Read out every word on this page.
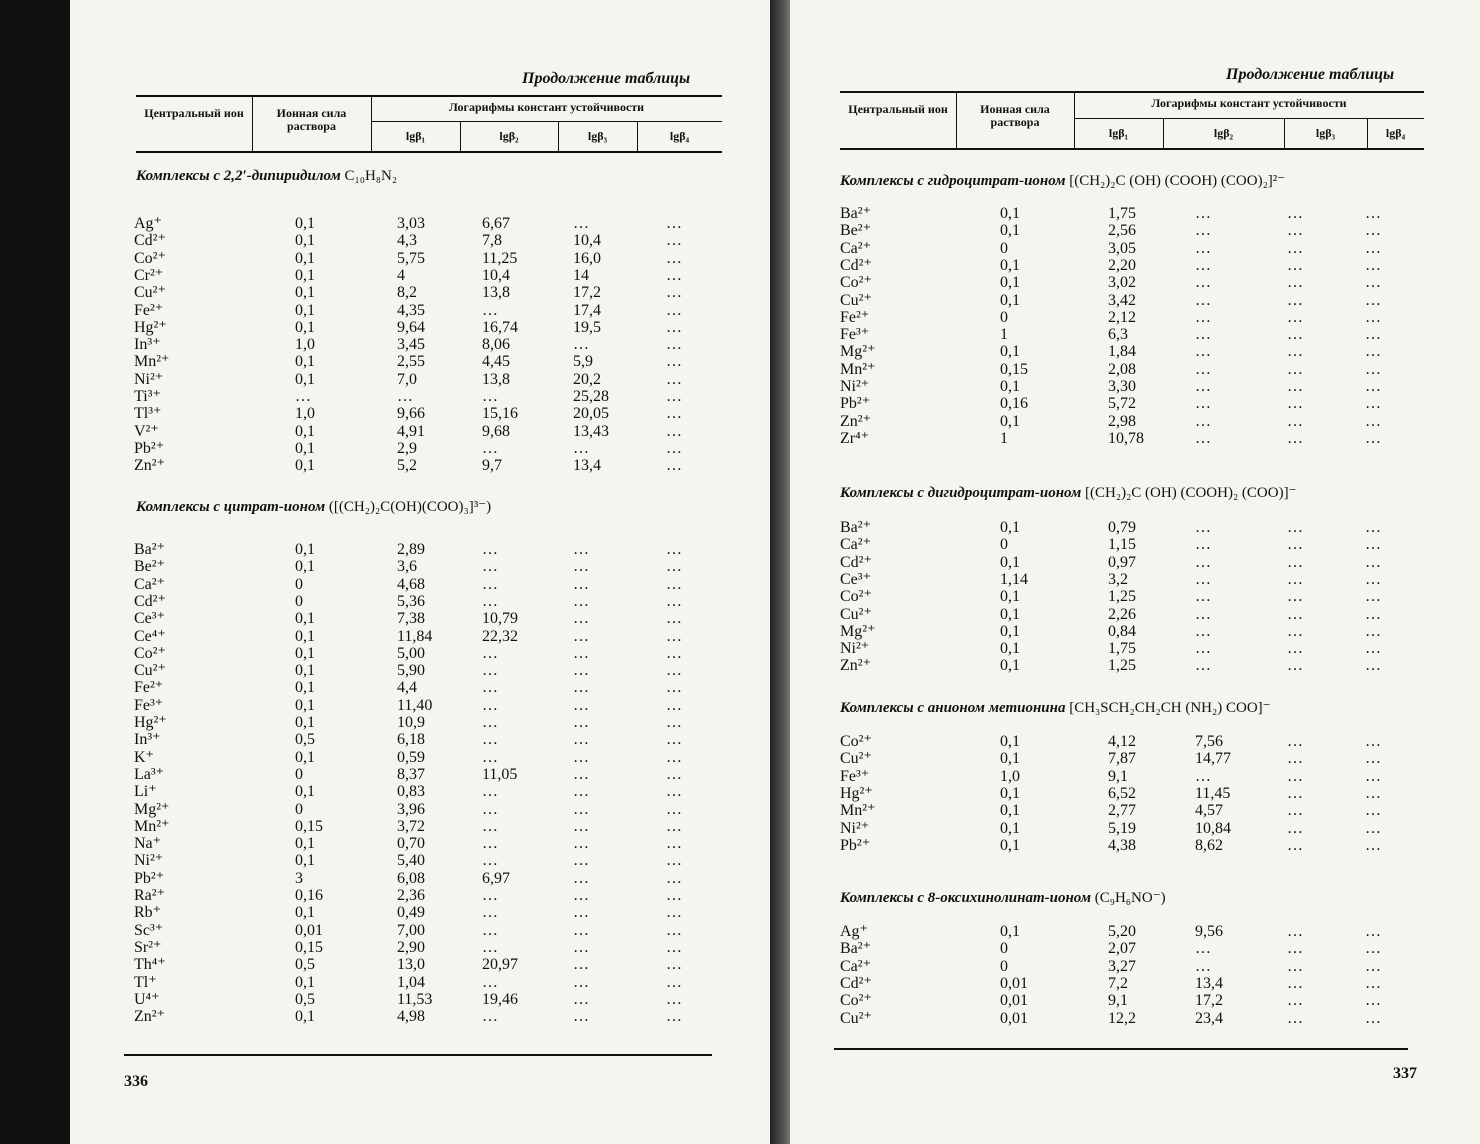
Продолжение таблицы
Центральный ион	Ионная сила раствора
Логарифмы констант устойчивости
lgβ₁	lgβ₂	lgβ₃	lgβ₄
Комплексы с 2,2′-дипиридилом C₁₀H₈N₂
Ag⁺	0,1	3,03	6,67	…	…
Cd²⁺	0,1	4,3	7,8	10,4	…
Co²⁺	0,1	5,75	11,25	16,0	…
Cr²⁺	0,1	4	10,4	14	…
Cu²⁺	0,1	8,2	13,8	17,2	…
Fe²⁺	0,1	4,35	…	17,4	…
Hg²⁺	0,1	9,64	16,74	19,5	…
In³⁺	1,0	3,45	8,06	…	…
Mn²⁺	0,1	2,55	4,45	5,9	…
Ni²⁺	0,1	7,0	13,8	20,2	…
Ti³⁺	…	…	…	25,28	…
Tl³⁺	1,0	9,66	15,16	20,05	…
V²⁺	0,1	4,91	9,68	13,43	…
Pb²⁺	0,1	2,9	…	…	…
Zn²⁺	0,1	5,2	9,7	13,4	…
Комплексы с цитрат-ионом ([(CH₂)₂C(OH)(COO)₃]³⁻)
Ba²⁺	0,1	2,89	…	…	…
Be²⁺	0,1	3,6	…	…	…
Ca²⁺	0	4,68	…	…	…
Cd²⁺	0	5,36	…	…	…
Ce³⁺	0,1	7,38	10,79	…	…
Ce⁴⁺	0,1	11,84	22,32	…	…
Co²⁺	0,1	5,00	…	…	…
Cu²⁺	0,1	5,90	…	…	…
Fe²⁺	0,1	4,4	…	…	…
Fe³⁺	0,1	11,40	…	…	…
Hg²⁺	0,1	10,9	…	…	…
In³⁺	0,5	6,18	…	…	…
K⁺	0,1	0,59	…	…	…
La³⁺	0	8,37	11,05	…	…
Li⁺	0,1	0,83	…	…	…
Mg²⁺	0	3,96	…	…	…
Mn²⁺	0,15	3,72	…	…	…
Na⁺	0,1	0,70	…	…	…
Ni²⁺	0,1	5,40	…	…	…
Pb²⁺	3	6,08	6,97	…	…
Ra²⁺	0,16	2,36	…	…	…
Rb⁺	0,1	0,49	…	…	…
Sc³⁺	0,01	7,00	…	…	…
Sr²⁺	0,15	2,90	…	…	…
Th⁴⁺	0,5	13,0	20,97	…	…
Tl⁺	0,1	1,04	…	…	…
U⁴⁺	0,5	11,53	19,46	…	…
Zn²⁺	0,1	4,98	…	…	…
336
Продолжение таблицы
Центральный ион	Ионная сила раствора
Логарифмы констант устойчивости
lgβ₁	lgβ₂	lgβ₃	lgβ₄
Комплексы с гидроцитрат-ионом [(CH₂)₂C (OH) (COOH) (COO)₂]²⁻
Ba²⁺	0,1	1,75	…	…	…
Be²⁺	0,1	2,56	…	…	…
Ca²⁺	0	3,05	…	…	…
Cd²⁺	0,1	2,20	…	…	…
Co²⁺	0,1	3,02	…	…	…
Cu²⁺	0,1	3,42	…	…	…
Fe²⁺	0	2,12	…	…	…
Fe³⁺	1	6,3	…	…	…
Mg²⁺	0,1	1,84	…	…	…
Mn²⁺	0,15	2,08	…	…	…
Ni²⁺	0,1	3,30	…	…	…
Pb²⁺	0,16	5,72	…	…	…
Zn²⁺	0,1	2,98	…	…	…
Zr⁴⁺	1	10,78	…	…	…
Комплексы с дигидроцитрат-ионом [(CH₂)₂C (OH) (COOH)₂ (COO)]⁻
Ba²⁺	0,1	0,79	…	…	…
Ca²⁺	0	1,15	…	…	…
Cd²⁺	0,1	0,97	…	…	…
Ce³⁺	1,14	3,2	…	…	…
Co²⁺	0,1	1,25	…	…	…
Cu²⁺	0,1	2,26	…	…	…
Mg²⁺	0,1	0,84	…	…	…
Ni²⁺	0,1	1,75	…	…	…
Zn²⁺	0,1	1,25	…	…	…
Комплексы с анионом метионина [CH₃SCH₂CH₂CH (NH₂) COO]⁻
Co²⁺	0,1	4,12	7,56	…	…
Cu²⁺	0,1	7,87	14,77	…	…
Fe³⁺	1,0	9,1	…	…	…
Hg²⁺	0,1	6,52	11,45	…	…
Mn²⁺	0,1	2,77	4,57	…	…
Ni²⁺	0,1	5,19	10,84	…	…
Pb²⁺	0,1	4,38	8,62	…	…
Комплексы с 8-оксихинолинат-ионом (C₉H₆NO⁻)
Ag⁺	0,1	5,20	9,56	…	…
Ba²⁺	0	2,07	…	…	…
Ca²⁺	0	3,27	…	…	…
Cd²⁺	0,01	7,2	13,4	…	…
Co²⁺	0,01	9,1	17,2	…	…
Cu²⁺	0,01	12,2	23,4	…	…
337
